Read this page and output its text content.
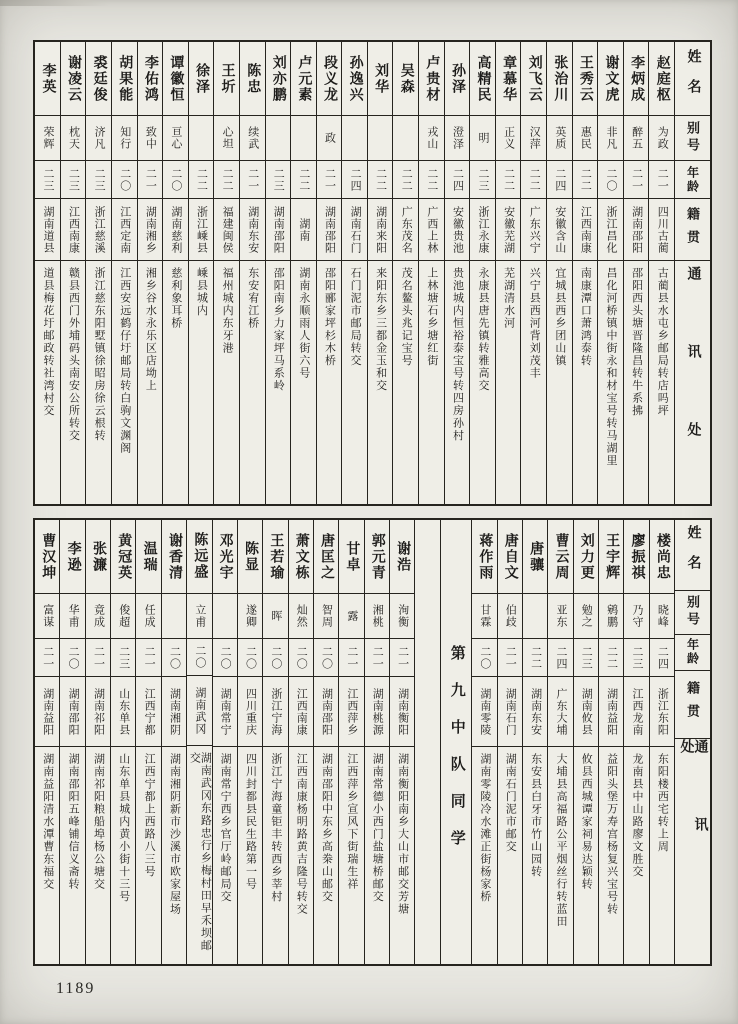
姓名
别号
年龄
籍贯
通讯处
赵庭枢
为政
二一
四川古蔺
古蔺县水屯乡邮局转店吗坪
李炳成
醉五
二一
湖南邵阳
邵阳西头塘晋隆昌转牛系拂
谢文虎
非凡
二〇
浙江昌化
昌化河桥镇中街永和材宝号转马湖里
王秀云
惠民
二二
江西南康
南康潭口萧鸿泰转
张治川
英质
二四
安徽含山
宜城县西乡团山镇
刘飞云
汉萍
二二
广东兴宁
兴宁县西河背刘茂丰
章慕华
正义
二二
安徽芜湖
芜湖清水河
高精民
明
二三
浙江永康
永康县唐先镇转雅高交
孙泽
澄泽
二四
安徽贵池
贵池城内恒裕泰宝号转四房孙村
卢贵材
戎山
二二
广西上林
上林塘石乡塘红街
吴森
二二
广东茂名
茂名鳌头兆记宝号
刘华
二二
湖南来阳
来阳东乡三都金玉和交
孙逸兴
二四
湖南石门
石门泥市邮局转交
段义龙
政
二一
湖南邵阳
邵阳郦家坪杉木桥
卢元素
二二
湖南
湖南永顺雨人街六号
刘亦鹏
二三
湖南邵阳
邵阳南乡力家坪马系岭
陈忠
续武
二一
湖南东安
东安宥江桥
王圻
心坦
二二
福建闽侯
福州城内东牙港
徐泽
二二
浙江嵊县
嵊县城内
谭徽恒
亘心
二〇
湖南慈利
慈利象耳桥
李佑鸿
致中
二一
湖南湘乡
湘乡谷水永乐区店坳上
胡果能
知行
二〇
江西定南
江西安远鹤仔圩邮局转白驹文渊阁
裘廷俊
济凡
二三
浙江慈溪
浙江慈东阳墅镇徐昭房徐云根转
谢凌云
枕天
二三
江西南康
赣县西门外埔码头南安公所转交
李英
荣辉
二三
湖南道县
道县梅花圩邮政转社湾村交
姓名
别号
年龄
籍贯
通讯处
楼尚忠
晓峰
二四
浙江东阳
东阳楼西宅转上周
廖振祺
乃守
二三
江西龙南
龙南县中山路廖文胜交
王宇辉
鹓鹏
二二
湖南益阳
益阳头堡万寿宫杨复兴宝号转
刘力更
勉之
二三
湖南攸县
攸县西城谭家祠易达颖转
曹云周
亚东
二四
广东大埔
大埔县高福路公平烟丝行转蓝田
唐骧
二二
湖南东安
东安县白牙市竹山园转
唐自文
伯歧
二一
湖南石门
湖南石门泥市邮交
蒋作雨
甘霖
二〇
湖南零陵
湖南零陵冷水滩正街杨家桥
第九中队同学
谢浩
洵衡
二一
湖南衡阳
湖南衡阳南乡大山市邮交芳塘
郭元青
湘桃
二一
湖南桃源
湖南常德小西门盐塘桥邮交
甘卓
露
二一
江西萍乡
江西萍乡宣风下街瑞生祥
唐匡之
智周
二〇
湖南邵阳
湖南邵阳中东乡高桊山邮交
萧文栋
灿然
二〇
江西南康
江西南康杨明路黄吉隆号转交
王若瑜
晖
二〇
浙江宁海
浙江宁海童钜丰转西乡莘村
陈显
遂卿
二〇
四川重庆
四川封都县民生路第一号
邓光宇
二〇
湖南常宁
湖南常宁西乡官厅岭邮局交
陈远盛
立甫
二〇
湖南武冈
湖南武冈东路忠行乡梅村田早禾坝邮交
谢香清
二〇
湖南湘阴
湖南湘阴新市沙溪市欧家屋场
温瑞
任成
二一
江西宁都
江西宁都上西路八三号
黄冠英
俊超
二三
山东单县
山东单县城内黄小街十三号
张濂
竟成
二一
湖南祁阳
湖南祁阳粮船埠杨公塘交
李逊
华甫
二〇
湖南邵阳
湖南邵阳五峰铺信义斋转
曹汉坤
富谋
二一
湖南益阳
湖南益阳清水潭曹东福交
1189
